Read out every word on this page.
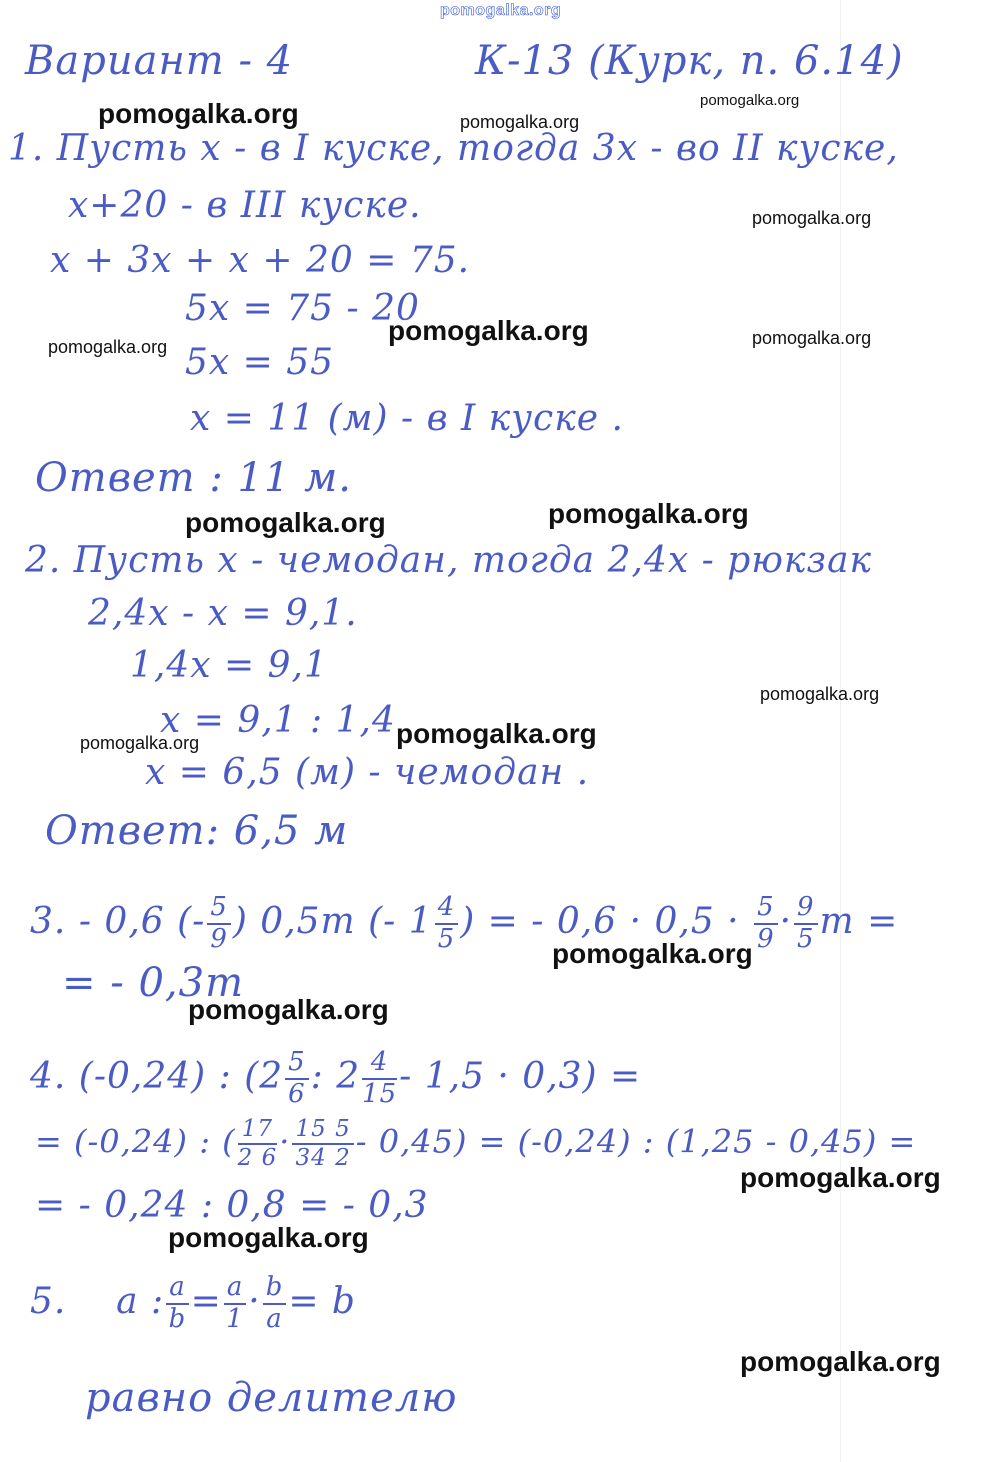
pomogalka.org
Вариант - 4	К-13 (Курк, п. 6.14)
1. Пусть x - в I куске, тогда 3x - во II куске,
x+20 - в III куске.
x + 3x + x + 20 = 75.
5x = 75 - 20
5x = 55
x = 11 (м) - в I куске .
Ответ : 11 м.
2. Пусть x - чемодан, тогда 2,4x - рюкзак
2,4x - x = 9,1.
1,4x = 9,1
x = 9,1 : 1,4
x = 6,5 (м) - чемодан .
Ответ: 6,5 м
3. - 0,6 (- $\frac{5}{9}$ ) 0,5m (- $1 \frac{4}{5}$ ) = - $0,6 \cdot 0,5 \cdot \frac{5}{9} \cdot \frac{9}{5}$ m =
= - 0,3m
4. (-0,24) : ($2 \frac{5}{6}$ : $2 \frac{4}{15} - 1,5 \cdot 0,3$) =
= (-0,24) : ( $\frac{17}{2 6} \cdot \frac{15 5}{34 2} - 0,45) = (-0,24)$ : (1,25 - 0,45) =
= - 0,24 : 0,8 = - 0,3
5. a : $\frac{a}{b} = \frac{a}{1} \cdot \frac{b}{a} = b$
равно делителю
pomogalka.org	pomogalka.org
pomogalka.org
pomogalka.org
pomogalka.org
pomogalka.org	pomogalka.org
pomogalka.org	pomogalka.org
pomogalka.org
pomogalka.org	pomogalka.org
pomogalka.org
pomogalka.org
pomogalka.org
pomogalka.org
pomogalka.org
